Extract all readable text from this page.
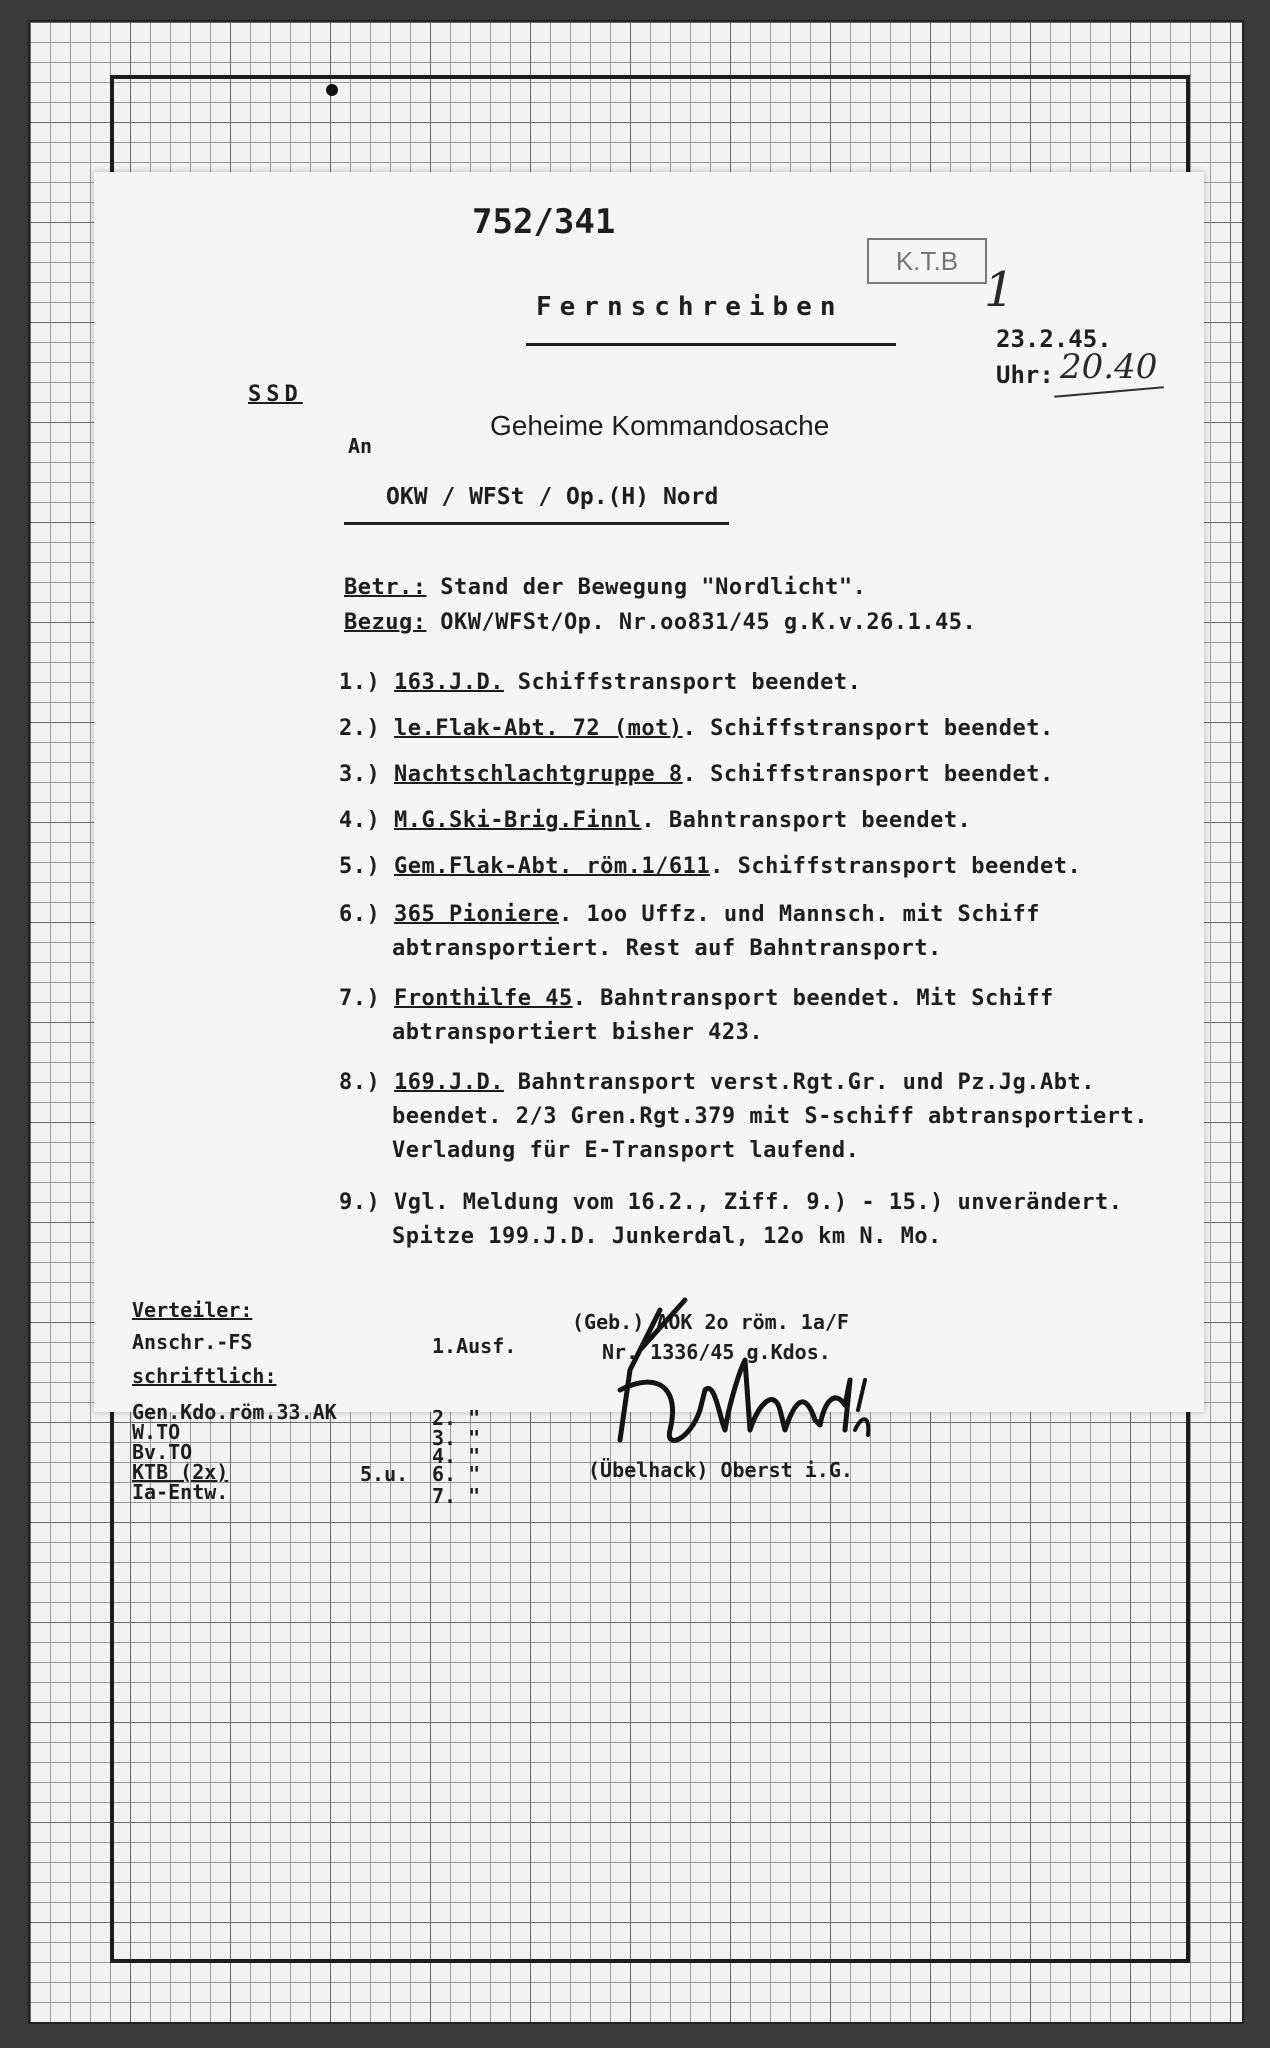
752/341
K.T.B
1
Fernschreiben
23.2.45.
Uhr: 20.40
SSD
Geheime Kommandosache
An
OKW / WFSt / Op.(H) Nord
Betr.: Stand der Bewegung "Nordlicht".
Bezug: OKW/WFSt/Op. Nr.oo831/45 g.K.v.26.1.45.
1.) 163.J.D. Schiffstransport beendet.
2.) le.Flak-Abt. 72 (mot). Schiffstransport beendet.
3.) Nachtschlachtgruppe 8. Schiffstransport beendet.
4.) M.G.Ski-Brig.Finnl. Bahntransport beendet.
5.) Gem.Flak-Abt. röm.1/611. Schiffstransport beendet.
6.) 365 Pioniere. 1oo Uffz. und Mannsch. mit Schiff
abtransportiert. Rest auf Bahntransport.
7.) Fronthilfe 45. Bahntransport beendet. Mit Schiff
abtransportiert bisher 423.
8.) 169.J.D. Bahntransport verst.Rgt.Gr. und Pz.Jg.Abt.
beendet. 2/3 Gren.Rgt.379 mit S-schiff abtransportiert.
Verladung für E-Transport laufend.
9.) Vgl. Meldung vom 16.2., Ziff. 9.) - 15.) unverändert.
Spitze 199.J.D. Junkerdal, 12o km N. Mo.
Verteiler:
Anschr.-FS	1.Ausf.
schriftlich:
Gen.Kdo.röm.33.AK	2. "
W.TO	3. "
Bv.TO	4. "
KTB (2x)	5.u. 6. "
Ia-Entw.	7. "
(Geb.) AOK 2o röm. 1a/F
Nr. 1336/45 g.Kdos.
(Übelhack) Oberst i.G.
